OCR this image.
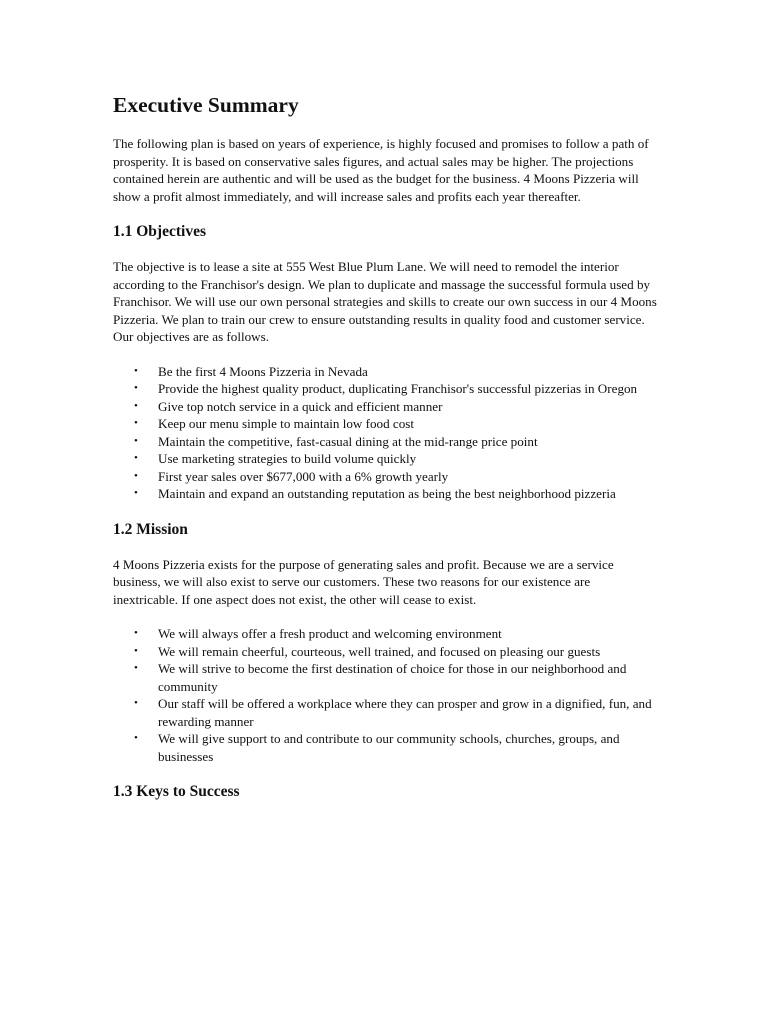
Executive Summary

The following plan is based on years of experience, is highly focused and promises to follow a path of prosperity. It is based on conservative sales figures, and actual sales may be higher. The projections contained herein are authentic and will be used as the budget for the business. 4 Moons Pizzeria will show a profit almost immediately, and will increase sales and profits each year thereafter.

1.1 Objectives

The objective is to lease a site at 555 West Blue Plum Lane. We will need to remodel the interior according to the Franchisor's design. We plan to duplicate and massage the successful formula used by Franchisor. We will use our own personal strategies and skills to create our own success in our 4 Moons Pizzeria. We plan to train our crew to ensure outstanding results in quality food and customer service. Our objectives are as follows.

• Be the first 4 Moons Pizzeria in Nevada
• Provide the highest quality product, duplicating Franchisor's successful pizzerias in Oregon
• Give top notch service in a quick and efficient manner
• Keep our menu simple to maintain low food cost
• Maintain the competitive, fast-casual dining at the mid-range price point
• Use marketing strategies to build volume quickly
• First year sales over $677,000 with a 6% growth yearly
• Maintain and expand an outstanding reputation as being the best neighborhood pizzeria
1.2 Mission

4 Moons Pizzeria exists for the purpose of generating sales and profit. Because we are a service business, we will also exist to serve our customers. These two reasons for our existence are inextricable. If one aspect does not exist, the other will cease to exist.

• We will always offer a fresh product and welcoming environment
• We will remain cheerful, courteous, well trained, and focused on pleasing our guests
• We will strive to become the first destination of choice for those in our neighborhood and community
• Our staff will be offered a workplace where they can prosper and grow in a dignified, fun, and rewarding manner
• We will give support to and contribute to our community schools, churches, groups, and businesses
1.3 Keys to Success
